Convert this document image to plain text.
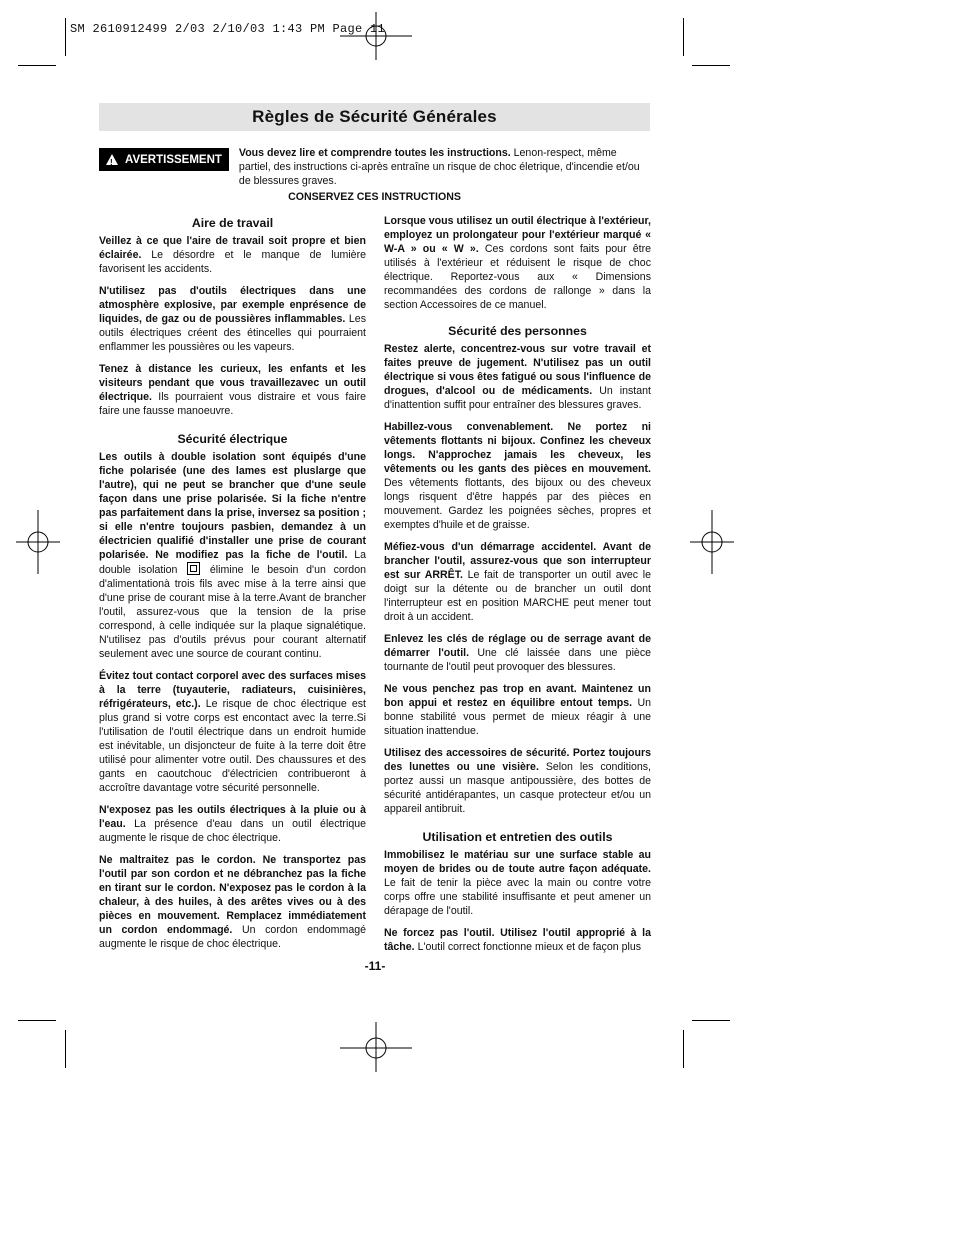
SM 2610912499 2/03 2/10/03 1:43 PM Page 11
Règles de Sécurité Générales
! AVERTISSEMENT
Vous devez lire et comprendre toutes les instructions. Lenon-respect, même partiel, des instructions ci-après entraîne un risque de choc életrique, d'incendie et/ou de blessures graves.
CONSERVEZ CES INSTRUCTIONS
Aire de travail

Veillez à ce que l'aire de travail soit propre et bien éclairée. Le désordre et le manque de lumière favorisent les accidents.

N'utilisez pas d'outils électriques dans une atmosphère explosive, par exemple enprésence de liquides, de gaz ou de poussières inflammables. Les outils électriques créent des étincelles qui pourraient enflammer les poussières ou les vapeurs.

Tenez à distance les curieux, les enfants et les visiteurs pendant que vous travaillezavec un outil électrique. Ils pourraient vous distraire et vous faire faire une fausse manoeuvre.

Sécurité électrique

Les outils à double isolation sont équipés d'une fiche polarisée (une des lames est pluslarge que l'autre), qui ne peut se brancher que d'une seule façon dans une prise polarisée. Si la fiche n'entre pas parfaitement dans la prise, inversez sa position ; si elle n'entre toujours pasbien, demandez à un électricien qualifié d'installer une prise de courant polarisée. Ne modifiez pas la fiche de l'outil. La double isolation  élimine le besoin d'un cordon d'alimentationà trois fils avec mise à la terre ainsi que d'une prise de courant mise à la terre.Avant de brancher l'outil, assurez-vous que la tension de la prise correspond, à celle indiquée sur la plaque signalétique. N'utilisez pas d'outils prévus pour courant alternatif seulement avec une source de courant continu.

Évitez tout contact corporel avec des surfaces mises à la terre (tuyauterie, radiateurs, cuisinières, réfrigérateurs, etc.). Le risque de choc électrique est plus grand si votre corps est encontact avec la terre.Si l'utilisation de l'outil électrique dans un endroit humide est inévitable, un disjoncteur de fuite à la terre doit être utilisé pour alimenter votre outil. Des chaussures et des gants en caoutchouc d'électricien contribueront à accroître davantage votre sécurité personnelle.

N'exposez pas les outils électriques à la pluie ou à l'eau. La présence d'eau dans un outil électrique augmente le risque de choc électrique.

Ne maltraitez pas le cordon. Ne transportez pas l'outil par son cordon et ne débranchez pas la fiche en tirant sur le cordon. N'exposez pas le cordon à la chaleur, à des huiles, à des arêtes vives ou à des pièces en mouvement. Remplacez immédiatement un cordon endommagé. Un cordon endommagé augmente le risque de choc électrique.

Lorsque vous utilisez un outil électrique à l'extérieur, employez un prolongateur pour l'extérieur marqué « W-A » ou « W ». Ces cordons sont faits pour être utilisés à l'extérieur et réduisent le risque de choc électrique. Reportez-vous aux « Dimensions recommandées des cordons de rallonge » dans la section Accessoires de ce manuel.

Sécurité des personnes

Restez alerte, concentrez-vous sur votre travail et faites preuve de jugement. N'utilisez pas un outil électrique si vous êtes fatigué ou sous l'influence de drogues, d'alcool ou de médicaments. Un instant d'inattention suffit pour entraîner des blessures graves.

Habillez-vous convenablement. Ne portez ni vêtements flottants ni bijoux. Confinez les cheveux longs. N'approchez jamais les cheveux, les vêtements ou les gants des pièces en mouvement. Des vêtements flottants, des bijoux ou des cheveux longs risquent d'être happés par des pièces en mouvement. Gardez les poignées sèches, propres et exemptes d'huile et de graisse.

Méfiez-vous d'un démarrage accidentel. Avant de brancher l'outil, assurez-vous que son interrupteur est sur ARRÊT. Le fait de transporter un outil avec le doigt sur la détente ou de brancher un outil dont l'interrupteur est en position MARCHE peut mener tout droit à un accident.

Enlevez les clés de réglage ou de serrage avant de démarrer l'outil. Une clé laissée dans une pièce tournante de l'outil peut provoquer des blessures.

Ne vous penchez pas trop en avant. Maintenez un bon appui et restez en équilibre entout temps. Un bonne stabilité vous permet de mieux réagir à une situation inattendue.

Utilisez des accessoires de sécurité. Portez toujours des lunettes ou une visière. Selon les conditions, portez aussi un masque antipoussière, des bottes de sécurité antidérapantes, un casque protecteur et/ou un appareil antibruit.

Utilisation et entretien des outils

Immobilisez le matériau sur une surface stable au moyen de brides ou de toute autre façon adéquate. Le fait de tenir la pièce avec la main ou contre votre corps offre une stabilité insuffisante et peut amener un dérapage de l'outil.

Ne forcez pas l'outil. Utilisez l'outil approprié à la tâche. L'outil correct fonctionne mieux et de façon plus

-11-
